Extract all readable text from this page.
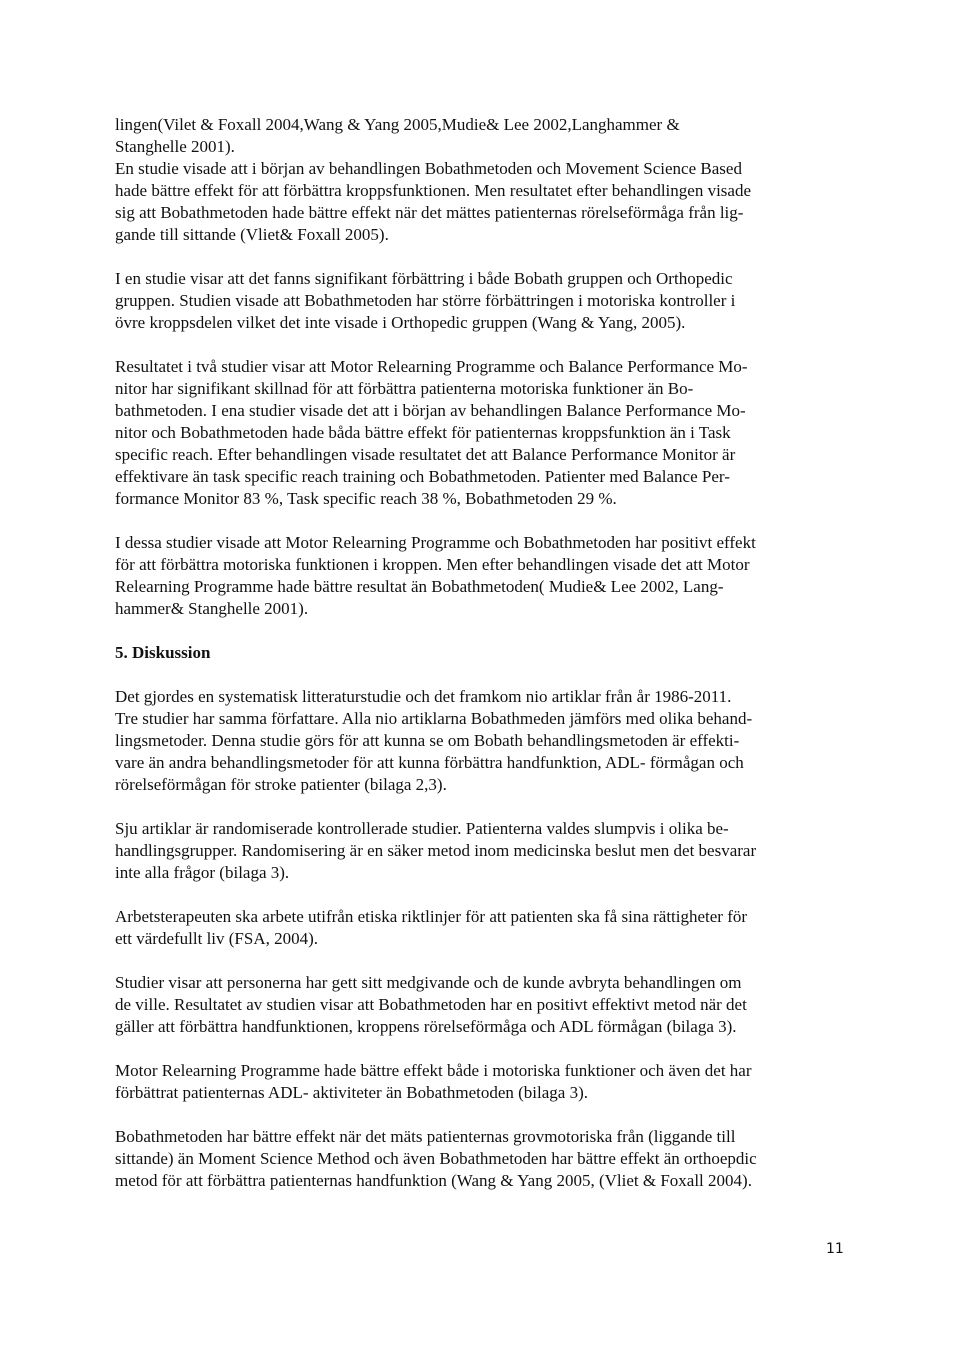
lingen(Vilet & Foxall 2004,Wang & Yang 2005,Mudie& Lee 2002,Langhammer &
Stanghelle 2001).
En studie visade att i början av behandlingen Bobathmetoden och Movement Science Based
hade bättre effekt för att förbättra kroppsfunktionen. Men resultatet efter behandlingen visade
sig att Bobathmetoden hade bättre effekt när det mättes patienternas rörelseförmåga från lig-
gande till sittande (Vliet& Foxall 2005).

I en studie visar att det fanns signifikant förbättring i både Bobath gruppen och Orthopedic
gruppen. Studien visade att Bobathmetoden har större förbättringen i motoriska kontroller i
övre kroppsdelen vilket det inte visade i Orthopedic gruppen (Wang & Yang, 2005).

Resultatet i två studier visar att Motor Relearning Programme och Balance Performance Mo-
nitor har signifikant skillnad för att förbättra patienterna motoriska funktioner än Bo-
bathmetoden. I ena studier visade det att i början av behandlingen Balance Performance Mo-
nitor och Bobathmetoden hade båda bättre effekt för patienternas kroppsfunktion än i Task
specific reach. Efter behandlingen visade resultatet det att Balance Performance Monitor är
effektivare än task specific reach training och Bobathmetoden. Patienter med Balance Per-
formance Monitor 83 %, Task specific reach 38 %, Bobathmetoden 29 %.

I dessa studier visade att Motor Relearning Programme och Bobathmetoden har positivt effekt
för att förbättra motoriska funktionen i kroppen. Men efter behandlingen visade det att Motor
Relearning Programme hade bättre resultat än Bobathmetoden( Mudie& Lee 2002, Lang-
hammer& Stanghelle 2001).

5. Diskussion

Det gjordes en systematisk litteraturstudie och det framkom nio artiklar från år 1986-2011.
Tre studier har samma författare. Alla nio artiklarna Bobathmeden jämförs med olika behand-
lingsmetoder. Denna studie görs för att kunna se om Bobath behandlingsmetoden är effekti-
vare än andra behandlingsmetoder för att kunna förbättra handfunktion, ADL- förmågan och
rörelseförmågan för stroke patienter (bilaga 2,3).

Sju artiklar är randomiserade kontrollerade studier. Patienterna valdes slumpvis i olika be-
handlingsgrupper. Randomisering är en säker metod inom medicinska beslut men det besvarar
inte alla frågor (bilaga 3).

Arbetsterapeuten ska arbete utifrån etiska riktlinjer för att patienten ska få sina rättigheter för
ett värdefullt liv (FSA, 2004).

Studier visar att personerna har gett sitt medgivande och de kunde avbryta behandlingen om
de ville. Resultatet av studien visar att Bobathmetoden har en positivt effektivt metod när det
gäller att förbättra handfunktionen, kroppens rörelseförmåga och ADL förmågan (bilaga 3).

Motor Relearning Programme hade bättre effekt både i motoriska funktioner och även det har
förbättrat patienternas ADL- aktiviteter än Bobathmetoden (bilaga 3).

Bobathmetoden har bättre effekt när det mäts patienternas grovmotoriska från (liggande till
sittande) än Moment Science Method och även Bobathmetoden har bättre effekt än orthoepdic
metod för att förbättra patienternas handfunktion (Wang & Yang 2005, (Vliet & Foxall 2004).

11
